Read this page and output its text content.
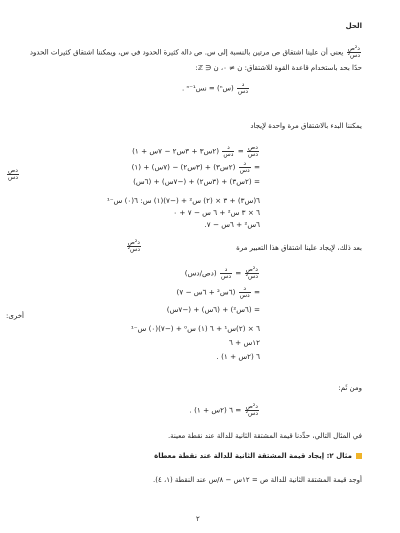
الحل
$\frac{\text{د²ص}}{\text{دس²}}$
يعني أن علينا اشتقاق ص مرتين بالنسبة إلى س. ص دالة كثيرة الحدود في س، ويمكننا اشتقاق كثيرات الحدود
حدًا بحد باستخدام قاعدة القوة للاشتقاق: ن ≠ ٠، ن ∈ ℤ:
$\frac{\text{د}}{\text{دس}}$
(سⁿ) = نسⁿ⁻¹ .
يمكننا البدء بالاشتقاق مرة واحدة لإيجاد
$\frac{\text{دص}}{\text{دس}}$
=
$\frac{\text{د}}{\text{دس}}$
(٢س٣ + ٣س٢ − ٧س + ١)
=
$\frac{\text{د}}{\text{دس}}$
(٢س٣) + (٣س٢) − (٧س) + (١)
= (٢س٣) + (٣س٢) + (−٧س) + (٦س)
٦(س٣) + ٣ × (٢) س² + (−٧)(١) س: ٦(٠) س⁻¹
٦ × ٣ س² + ٦ س − ٧ + ٠
٦س² + ٦س − ٧.
$\frac{\text{دص}}{\text{دس}}$
بعد ذلك، لإيجاد علينا اشتقاق هذا التعبير مرة
$\frac{\text{د²ص}}{\text{دس²}}$
$\frac{\text{د²ص}}{\text{دس²}}$
=
$\frac{\text{د}}{\text{دس}}$
(دص/دس)
=
$\frac{\text{د}}{\text{دس}}$
(٦س² + ٦س − ٧)
= (٦س²) + (٦س) + (−٧س)
٦ × (٢)س¹ + ٦ (١) س⁰ + (−٧)(٠) س⁻¹
١٢س + ٦
٦ (٢س + ١) .
أخرى:
ومن ثَم:
$\frac{\text{د²ص}}{\text{دس²}}$
= ٦ (٢س + ١) .
في المثال التالي، حدِّدنا قيمة المشتقة الثانية للدالة عند نقطة معينة.
مثال ٢: إيجاد قيمة المشتقة الثانية للدالة عند نقطة معطاة
أوجد قيمة المشتقة الثانية للدالة ص = ١٢س − ٨/س عند النقطة (١، ٤).
٢
